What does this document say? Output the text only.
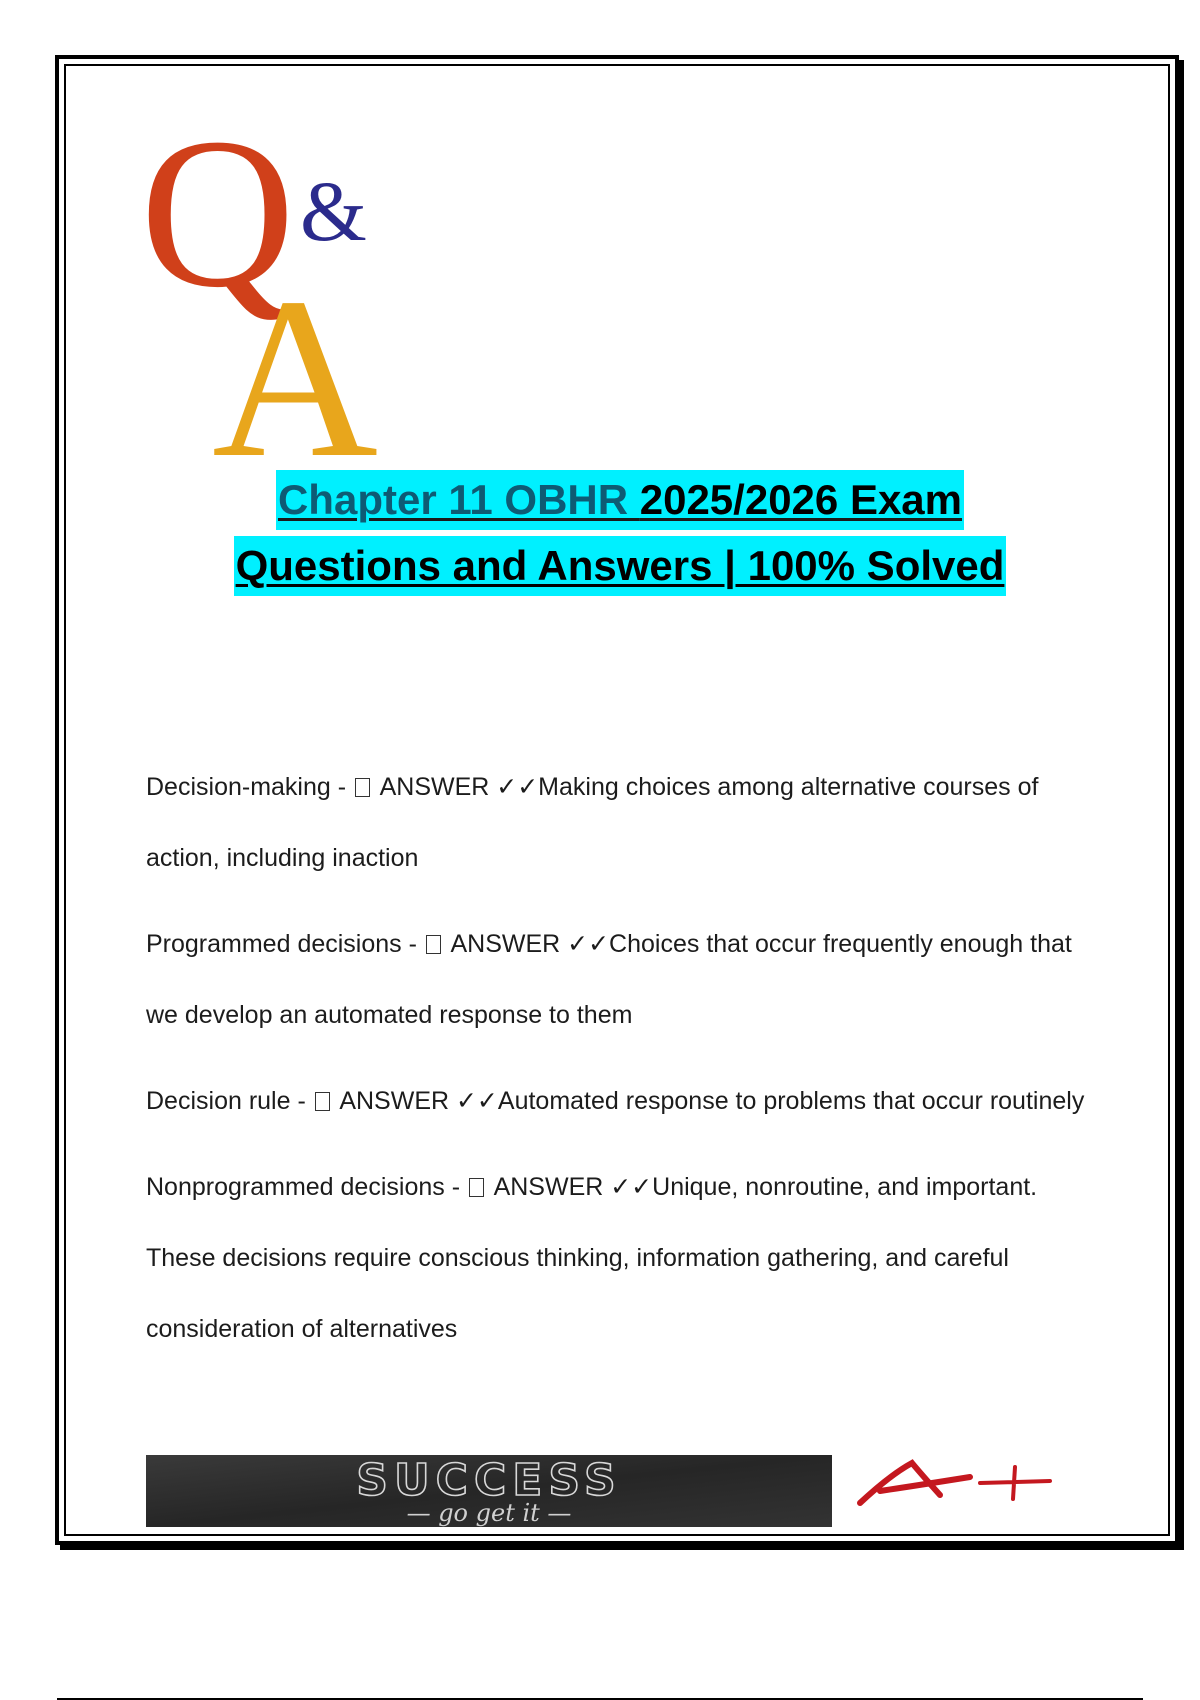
Q &
A
Chapter 11 OBHR 2025/2026 Exam
Questions and Answers | 100% Solved

Decision-making -  ANSWER ✓✓Making choices among alternative courses of action, including inaction

Programmed decisions -  ANSWER ✓✓Choices that occur frequently enough that we develop an automated response to them

Decision rule -  ANSWER ✓✓Automated response to problems that occur routinely

Nonprogrammed decisions -  ANSWER ✓✓Unique, nonroutine, and important. These decisions require conscious thinking, information gathering, and careful consideration of alternatives

SUCCESS
— go get it —
A+
